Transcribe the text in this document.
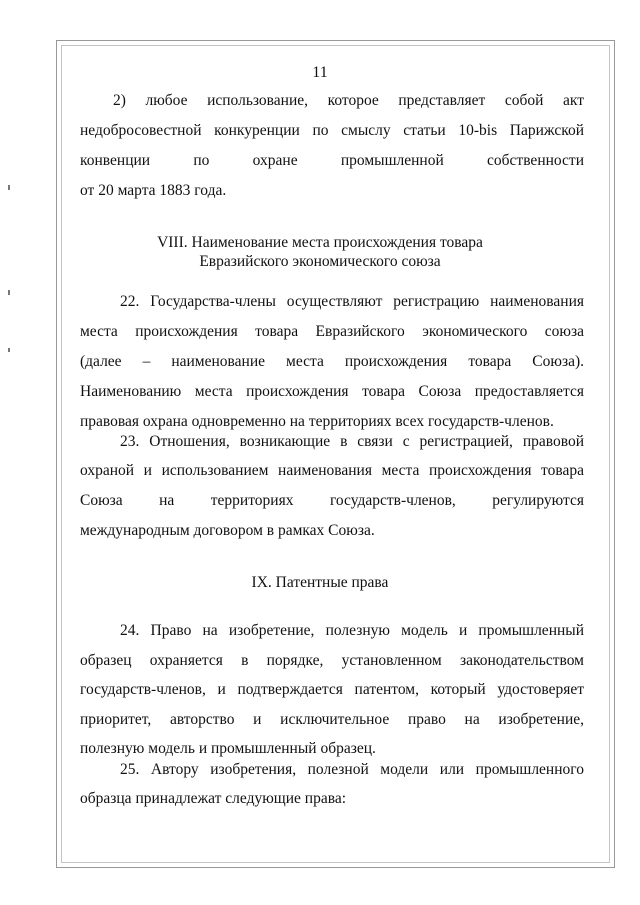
11
2) любое использование, которое представляет собой акт
недобросовестной конкуренции по смыслу статьи 10-bis Парижской
конвенции по охране промышленной собственности
от 20 марта 1883 года.
VIII. Наименование места происхождения товара
Евразийского экономического союза
22. Государства-члены осуществляют регистрацию наименования
места происхождения товара Евразийского экономического союза
(далее – наименование места происхождения товара Союза).
Наименованию места происхождения товара Союза предоставляется
правовая охрана одновременно на территориях всех государств-членов.
23. Отношения, возникающие в связи с регистрацией, правовой
охраной и использованием наименования места происхождения товара
Союза на территориях государств-членов, регулируются
международным договором в рамках Союза.
IX. Патентные права
24. Право на изобретение, полезную модель и промышленный
образец охраняется в порядке, установленном законодательством
государств-членов, и подтверждается патентом, который удостоверяет
приоритет, авторство и исключительное право на изобретение,
полезную модель и промышленный образец.
25. Автору изобретения, полезной модели или промышленного
образца принадлежат следующие права:
